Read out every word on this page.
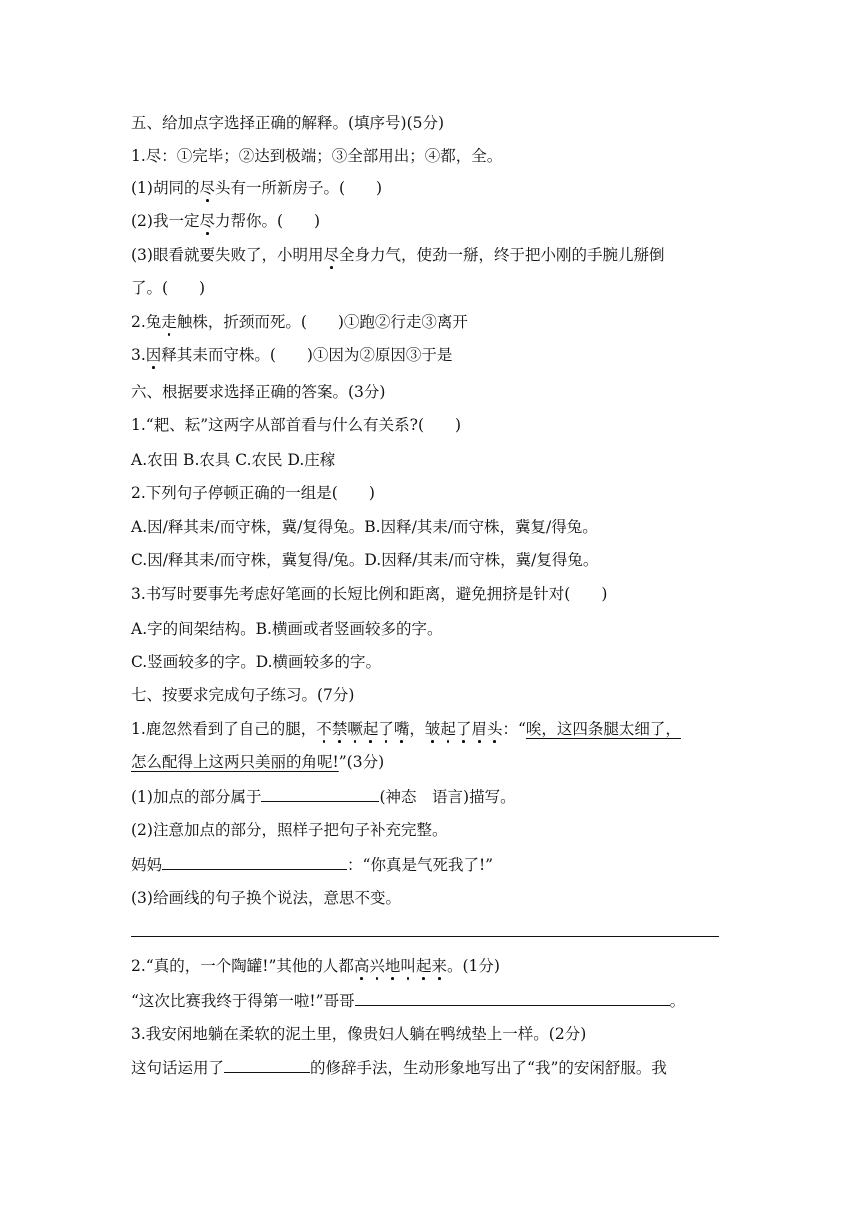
五、给加点字选择正确的解释。(填序号)(5分)
1.尽：①完毕；②达到极端；③全部用出；④都，全。
(1)胡同的尽头有一所新房子。(　　)
(2)我一定尽力帮你。(　　)
(3)眼看就要失败了，小明用尽全身力气，使劲一掰，终于把小刚的手腕儿掰倒
了。(　　)
2.兔走触株，折颈而死。(　　)①跑②行走③离开
3.因释其耒而守株。(　　)①因为②原因③于是
六、根据要求选择正确的答案。(3分)
1.“耙、耘”这两字从部首看与什么有关系?(　　)
A.农田 B.农具 C.农民 D.庄稼
2.下列句子停顿正确的一组是(　　)
A.因/释其耒/而守株，冀/复得兔。B.因释/其耒/而守株，冀复/得兔。
C.因/释其耒/而守株，冀复得/兔。D.因释/其耒/而守株，冀/复得兔。
3.书写时要事先考虑好笔画的长短比例和距离，避免拥挤是针对(　　)
A.字的间架结构。B.横画或者竖画较多的字。
C.竖画较多的字。D.横画较多的字。
七、按要求完成句子练习。(7分)
1.鹿忽然看到了自己的腿，不禁噘起了嘴，皱起了眉头：“唉，这四条腿太细了，
怎么配得上这两只美丽的角呢!”(3分)
(1)加点的部分属于	(神态　语言)描写。
(2)注意加点的部分，照样子把句子补充完整。
妈妈	：“你真是气死我了!”
(3)给画线的句子换个说法，意思不变。
2.“真的，一个陶罐!”其他的人都高兴地叫起来。(1分)
“这次比赛我终于得第一啦!”哥哥	。
3.我安闲地躺在柔软的泥土里，像贵妇人躺在鸭绒垫上一样。(2分)
这句话运用了	的修辞手法，生动形象地写出了“我”的安闲舒服。我
